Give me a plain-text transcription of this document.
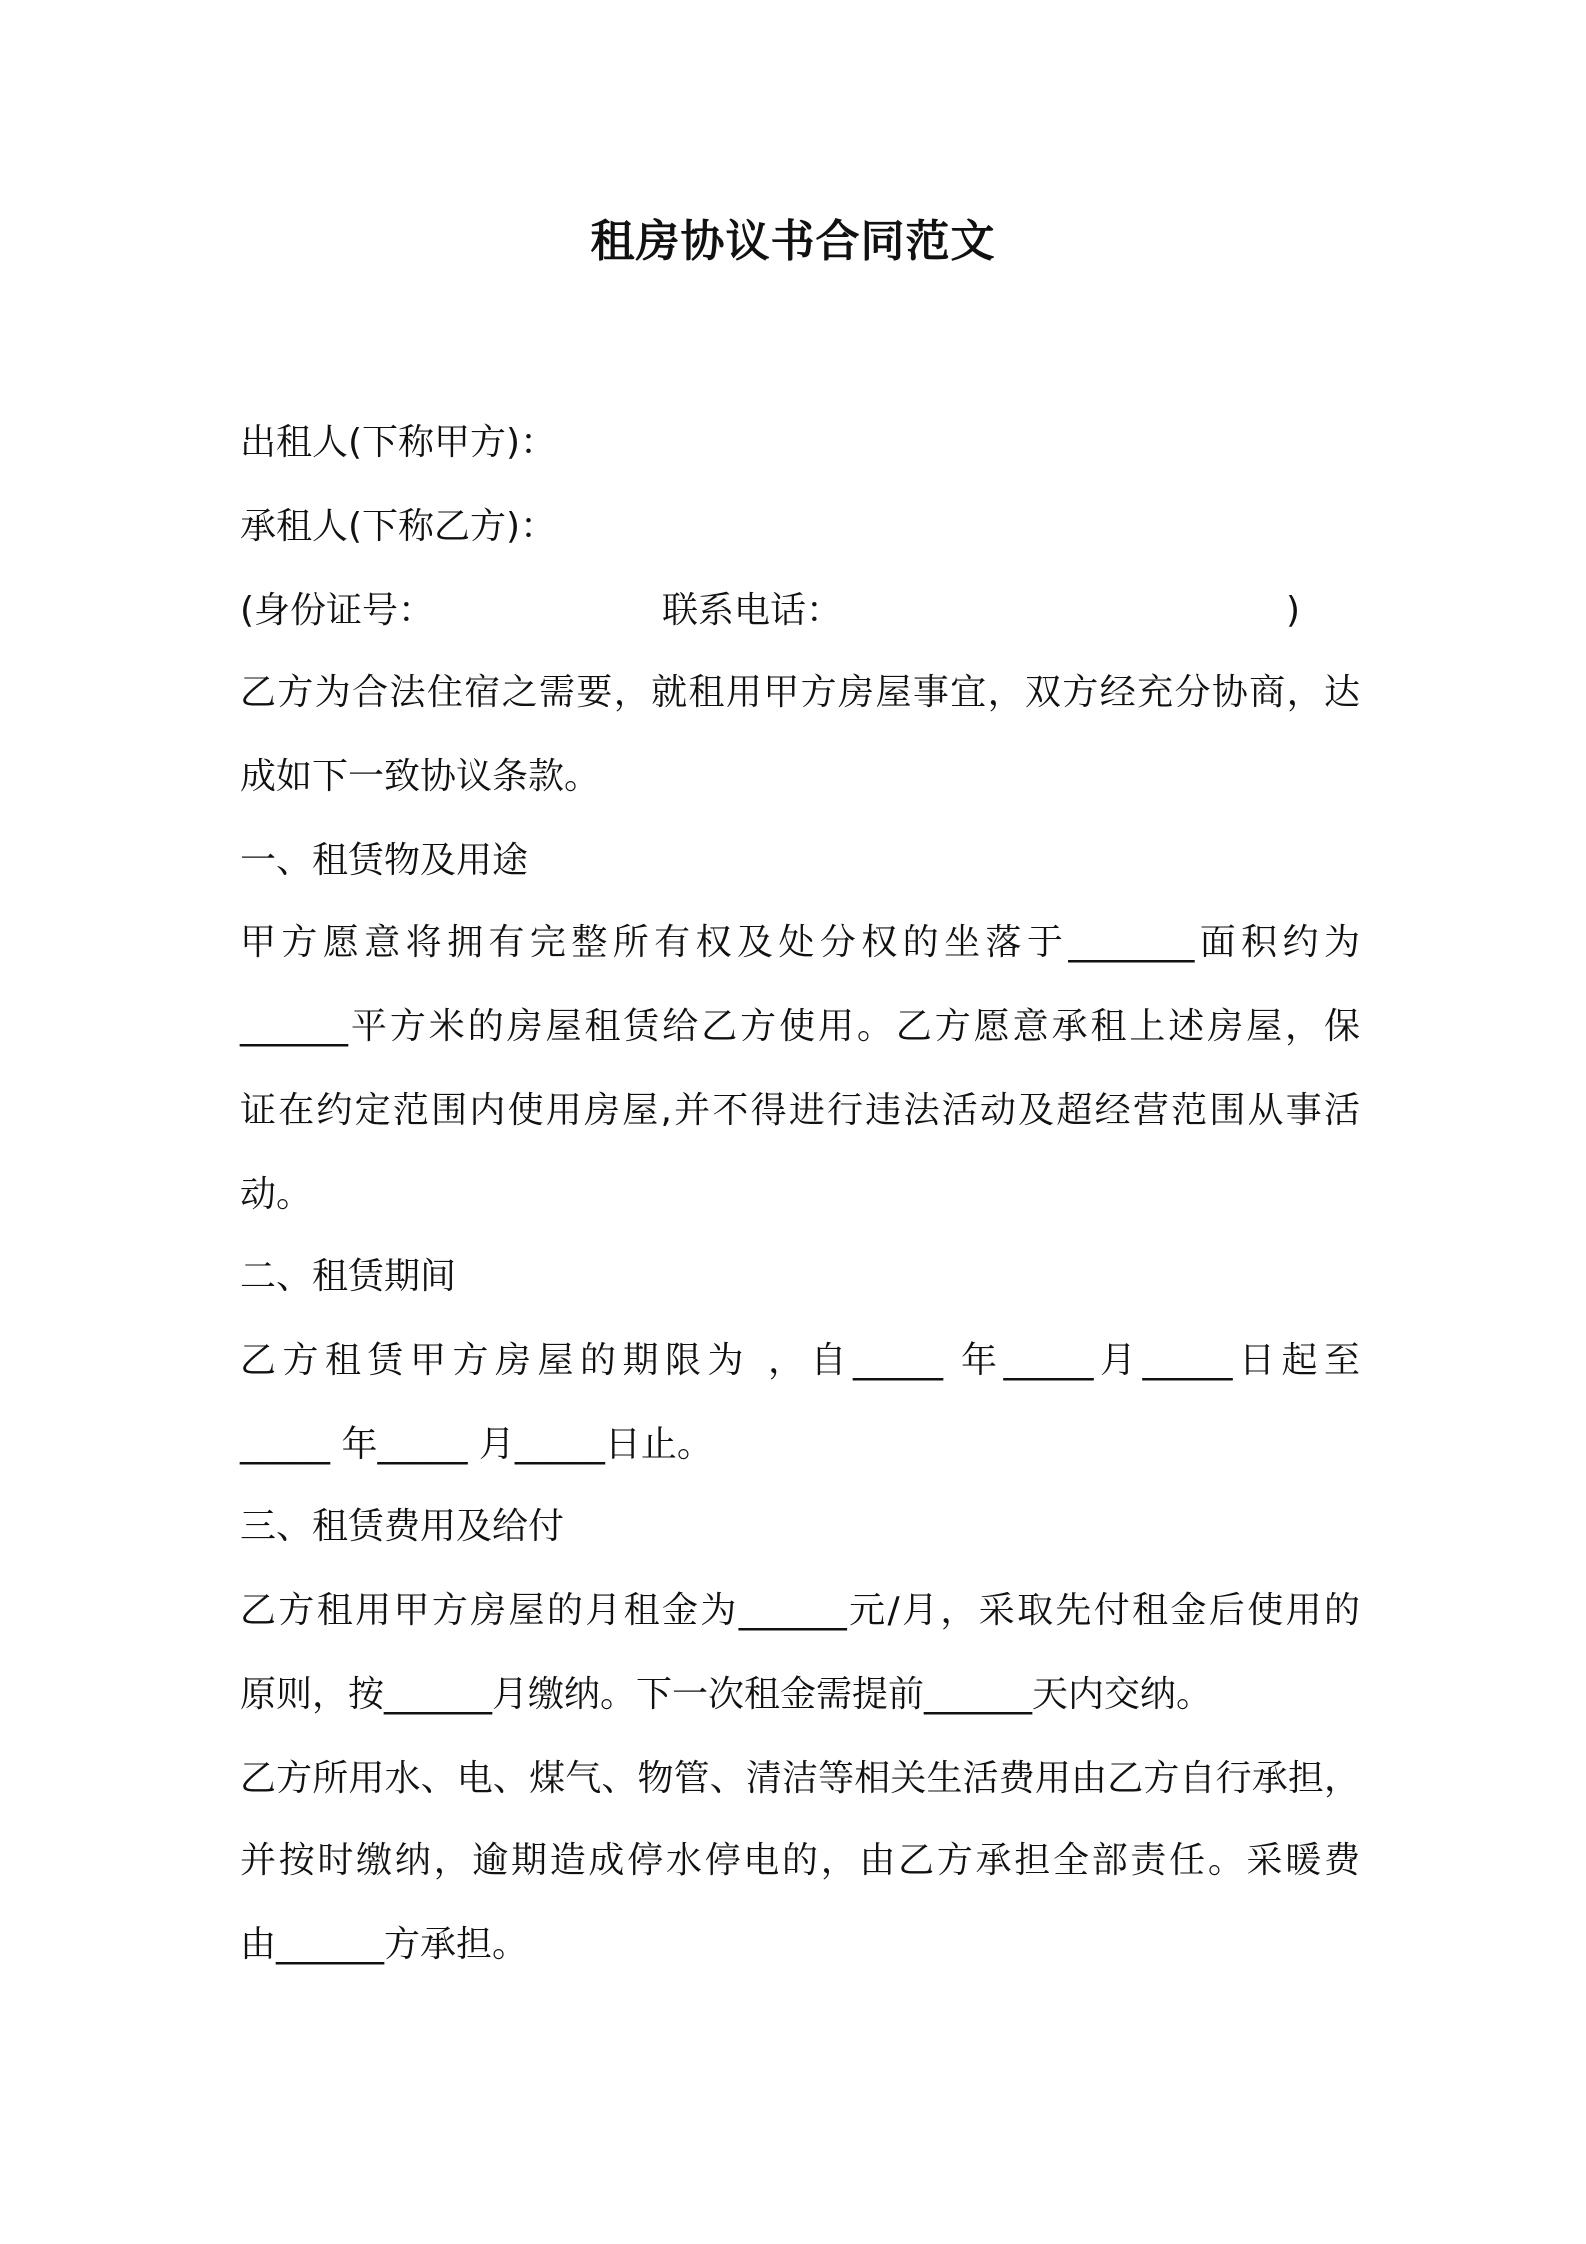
租房协议书合同范文
出租人(下称甲方)：
承租人(下称乙方)：
(身份证号：	联系电话：	)
乙方为合法住宿之需要，就租用甲方房屋事宜，双方经充分协商，达
成如下一致协议条款。
一、租赁物及用途
甲方愿意将拥有完整所有权及处分权的坐落于_______面积约为
______平方米的房屋租赁给乙方使用。乙方愿意承租上述房屋，保
证在约定范围内使用房屋,并不得进行违法活动及超经营范围从事活
动。
二、租赁期间
乙方租赁甲方房屋的期限为 ，自_____ 年_____月_____日起至
_____ 年_____ 月_____日止。
三、租赁费用及给付
乙方租用甲方房屋的月租金为______元/月，采取先付租金后使用的
原则，按______月缴纳。下一次租金需提前______天内交纳。
乙方所用水、电、煤气、物管、清洁等相关生活费用由乙方自行承担，
并按时缴纳，逾期造成停水停电的，由乙方承担全部责任。采暖费
由______方承担。
